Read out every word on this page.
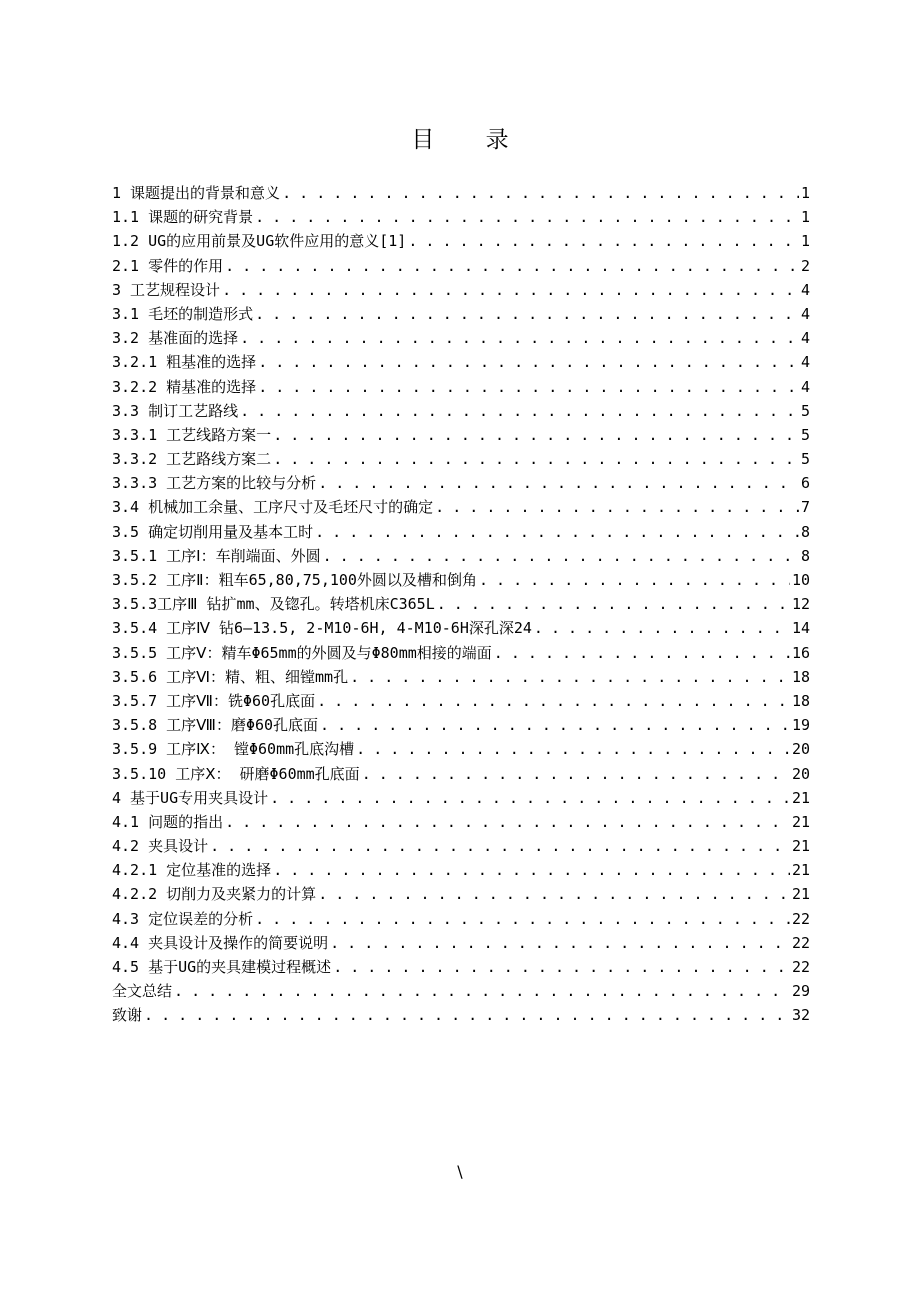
目 录
1 课题提出的背景和意义 . . .	1
1.1 课题的研究背景 . . .	1
1.2 UG的应用前景及UG软件应用的意义[1] . . .	1
2.1 零件的作用 . . .	2
3 工艺规程设计 . . .	4
3.1 毛坯的制造形式 . . .	4
3.2 基准面的选择 . . .	4
3.2.1 粗基准的选择 . . .	4
3.2.2 精基准的选择 . . .	4
3.3 制订工艺路线 . . .	5
3.3.1 工艺线路方案一 . . .	5
3.3.2 工艺路线方案二 . . .	5
3.3.3 工艺方案的比较与分析 . . .	6
3.4 机械加工余量、工序尺寸及毛坯尺寸的确定 . . .	7
3.5 确定切削用量及基本工时 . . .	8
3.5.1 工序Ⅰ：车削端面、外圆 . . .	8
3.5.2 工序Ⅱ：粗车65,80,75,100外圆以及槽和倒角 . . .	10
3.5.3工序Ⅲ 钻扩mm、及锪孔。转塔机床C365L . . .	12
3.5.4 工序Ⅳ 钻6—13.5, 2-M10-6H, 4-M10-6H深孔深24 . . .	14
3.5.5 工序Ⅴ：精车Φ65mm的外圆及与Φ80mm相接的端面 . . .	16
3.5.6 工序Ⅵ：精、粗、细镗mm孔 . . .	18
3.5.7 工序Ⅶ：铣Φ60孔底面 . . .	18
3.5.8 工序Ⅷ：磨Φ60孔底面 . . .	19
3.5.9 工序Ⅸ： 镗Φ60mm孔底沟槽 . . .	20
3.5.10 工序Ⅹ： 研磨Φ60mm孔底面 . . .	20
4 基于UG专用夹具设计 . . .	21
4.1 问题的指出 . . .	21
4.2 夹具设计 . . .	21
4.2.1 定位基准的选择 . . .	21
4.2.2 切削力及夹紧力的计算 . . .	21
4.3 定位误差的分析 . . .	22
4.4 夹具设计及操作的简要说明 . . .	22
4.5 基于UG的夹具建模过程概述 . . .	22
全文总结 . . .	29
致谢 . . .	32
\
